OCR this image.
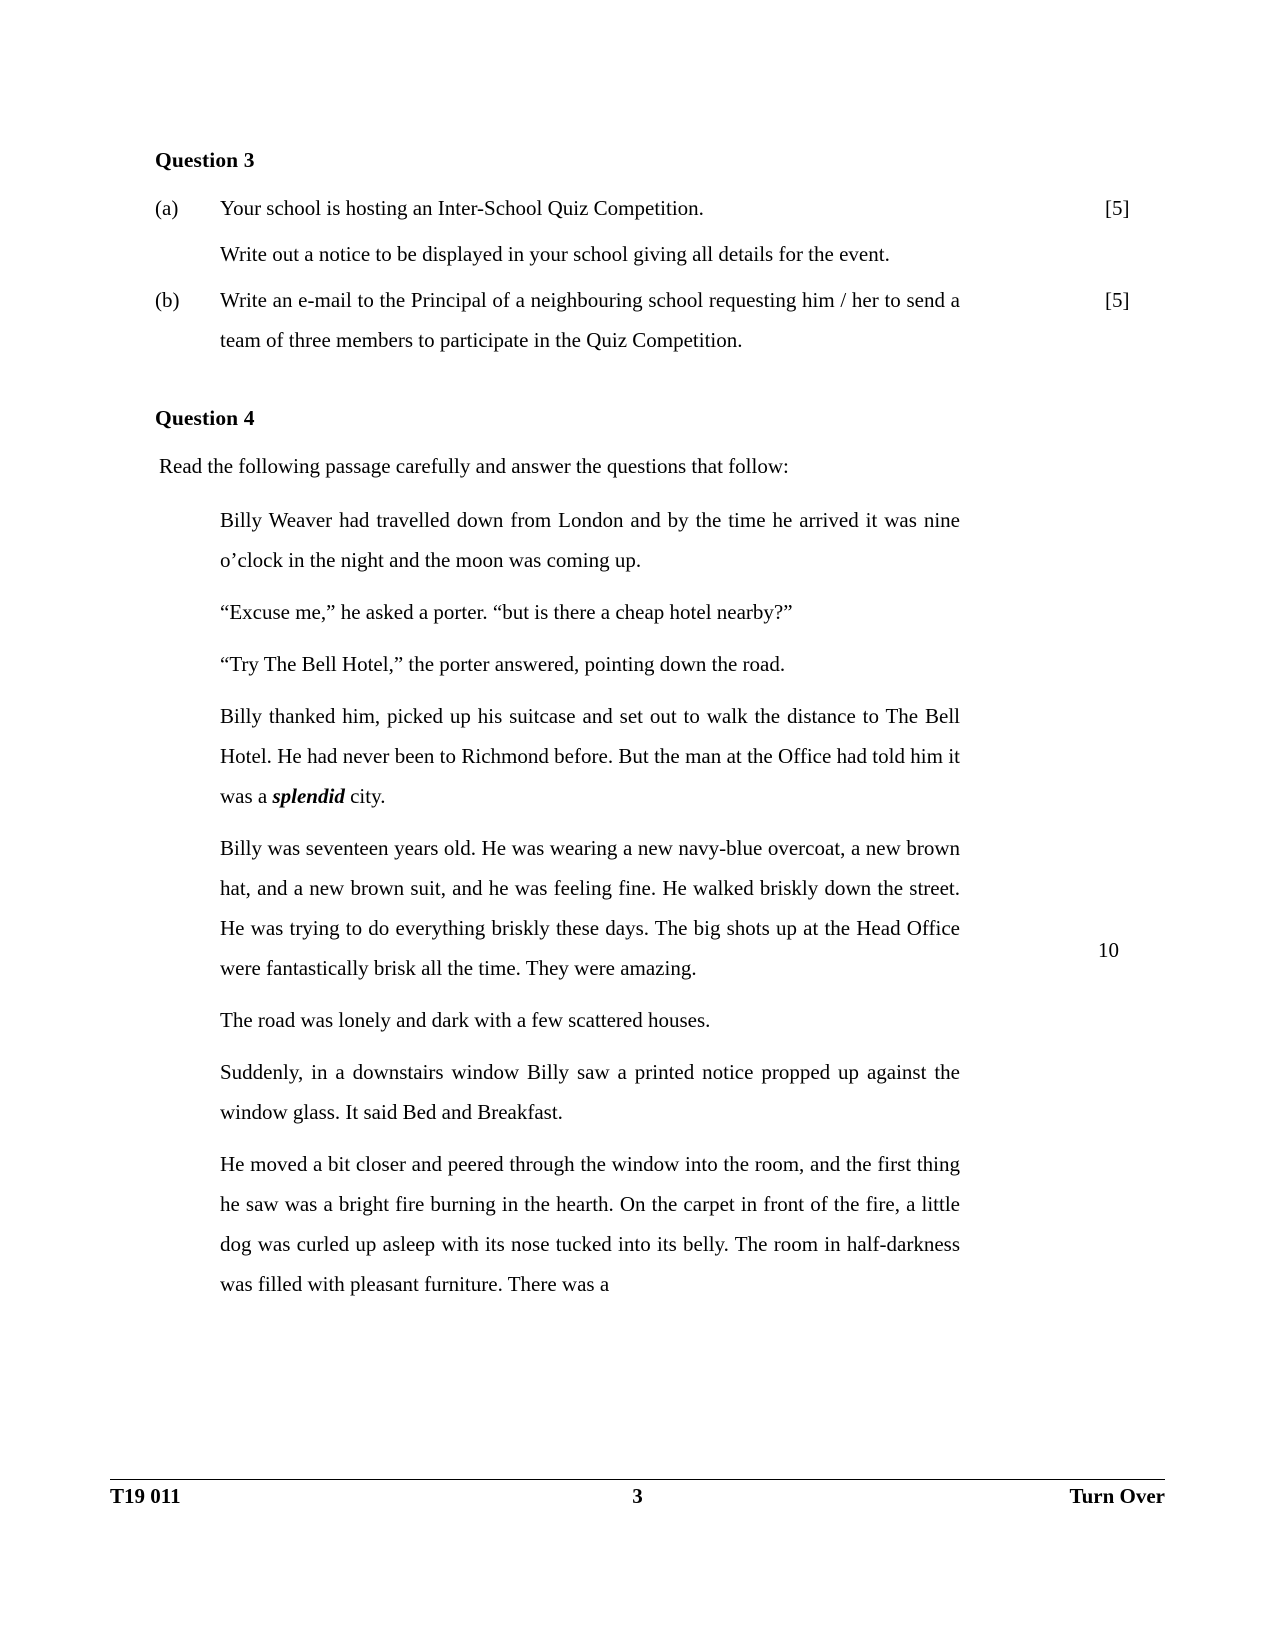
Question 3
(a)	Your school is hosting an Inter-School Quiz Competition.

Write out a notice to be displayed in your school giving all details for the event.

[5]
(b)	Write an e-mail to the Principal of a neighbouring school requesting him / her to send a team of three members to participate in the Quiz Competition.

[5]
Question 4
Read the following passage carefully and answer the questions that follow:

Billy Weaver had travelled down from London and by the time he arrived it was nine o’clock in the night and the moon was coming up.

“Excuse me,” he asked a porter. “but is there a cheap hotel nearby?”

“Try The Bell Hotel,” the porter answered, pointing down the road.

Billy thanked him, picked up his suitcase and set out to walk the distance to The Bell Hotel. He had never been to Richmond before. But the man at the Office had told him it was a splendid city.

Billy was seventeen years old. He was wearing a new navy-blue overcoat, a new brown hat, and a new brown suit, and he was feeling fine. He walked briskly down the street. He was trying to do everything briskly these days. The big shots up at the Head Office were fantastically brisk all the time. They were amazing.

The road was lonely and dark with a few scattered houses.

Suddenly, in a downstairs window Billy saw a printed notice propped up against the window glass. It said Bed and Breakfast.

He moved a bit closer and peered through the window into the room, and the first thing he saw was a bright fire burning in the hearth. On the carpet in front of the fire, a little dog was curled up asleep with its nose tucked into its belly. The room in half-darkness was filled with pleasant furniture. There was a

10
T19 011	3	Turn Over
